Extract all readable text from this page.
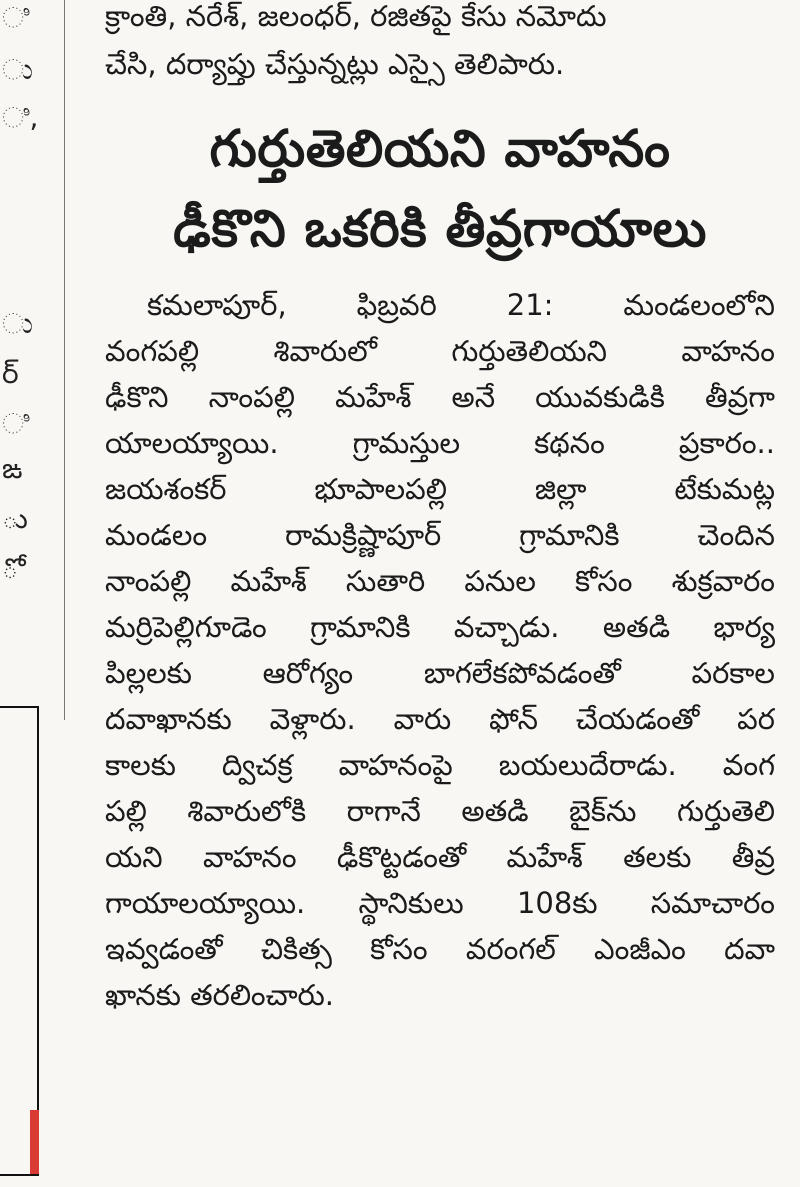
ಿ
ು
ಿ,
ು
ర్
ಿ
ఙ
ు
ో
క్రాంతి, నరేశ్, జలంధర్, రజితపై కేసు నమోదు
చేసి, దర్యాప్తు చేస్తున్నట్లు ఎస్సై తెలిపారు.
గుర్తుతెలియని వాహనం
ఢీకొని ఒకరికి తీవ్రగాయాలు
కమలాపూర్, ఫిబ్రవరి 21: మండలంలోని
వంగపల్లి శివారులో గుర్తుతెలియని వాహనం
ఢీకొని నాంపల్లి మహేశ్ అనే యువకుడికి తీవ్రగా
యాలయ్యాయి. గ్రామస్తుల కథనం ప్రకారం..
జయశంకర్ భూపాలపల్లి జిల్లా టేకుమట్ల
మండలం రామక్రిష్ణాపూర్ గ్రామానికి చెందిన
నాంపల్లి మహేశ్ సుతారి పనుల కోసం శుక్రవారం
మర్రిపెల్లిగూడెం గ్రామానికి వచ్చాడు. అతడి భార్య
పిల్లలకు ఆరోగ్యం బాగలేకపోవడంతో పరకాల
దవాఖానకు వెళ్లారు. వారు ఫోన్ చేయడంతో పర
కాలకు ద్విచక్ర వాహనంపై బయలుదేరాడు. వంగ
పల్లి శివారులోకి రాగానే అతడి బైక్‌ను గుర్తుతెలి
యని వాహనం ఢీకొట్టడంతో మహేశ్ తలకు తీవ్ర
గాయాలయ్యాయి. స్థానికులు 108కు సమాచారం
ఇవ్వడంతో చికిత్స కోసం వరంగల్ ఎంజీఎం దవా
ఖానకు తరలించారు.
